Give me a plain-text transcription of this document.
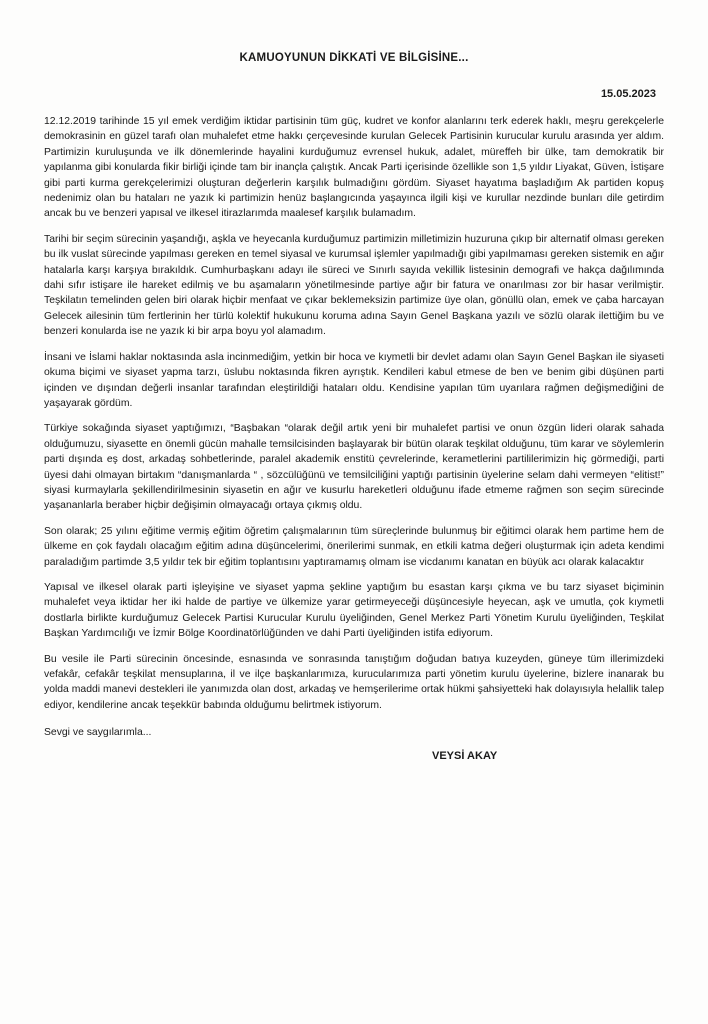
KAMUOYUNUN DİKKATİ VE BİLGİSİNE...
15.05.2023

12.12.2019 tarihinde 15 yıl emek verdiğim iktidar partisinin tüm güç, kudret ve konfor alanlarını terk ederek haklı, meşru gerekçelerle demokrasinin en güzel tarafı olan muhalefet etme hakkı çerçevesinde kurulan Gelecek Partisinin kurucular kurulu arasında yer aldım. Partimizin kuruluşunda ve ilk dönemlerinde hayalini kurduğumuz evrensel hukuk, adalet, müreffeh bir ülke, tam demokratik bir yapılanma gibi konularda fikir birliği içinde tam bir inançla çalıştık. Ancak Parti içerisinde özellikle son 1,5 yıldır Liyakat, Güven, İstişare gibi parti kurma gerekçelerimizi oluşturan değerlerin karşılık bulmadığını gördüm. Siyaset hayatıma başladığım Ak partiden kopuş nedenimiz olan bu hataları ne yazık ki partimizin henüz başlangıcında yaşayınca ilgili kişi ve kurullar nezdinde bunları dile getirdim ancak bu ve benzeri yapısal ve ilkesel itirazlarımda maalesef karşılık bulamadım.

Tarihi bir seçim sürecinin yaşandığı, aşkla ve heyecanla kurduğumuz partimizin milletimizin huzuruna çıkıp bir alternatif olması gereken bu ilk vuslat sürecinde yapılması gereken en temel siyasal ve kurumsal işlemler yapılmadığı gibi yapılmaması gereken sistemik en ağır hatalarla karşı karşıya bırakıldık. Cumhurbaşkanı adayı ile süreci ve Sınırlı sayıda vekillik listesinin demografi ve hakça dağılımında dahi sıfır istişare ile hareket edilmiş ve bu aşamaların yönetilmesinde partiye ağır bir fatura ve onarılması zor bir hasar verilmiştir. Teşkilatın temelinden gelen biri olarak hiçbir menfaat ve çıkar beklemeksizin partimize üye olan, gönüllü olan, emek ve çaba harcayan Gelecek ailesinin tüm fertlerinin her türlü kolektif hukukunu koruma adına Sayın Genel Başkana yazılı ve sözlü olarak ilettiğim bu ve benzeri konularda ise ne yazık ki bir arpa boyu yol alamadım.

İnsani ve İslami haklar noktasında asla incinmediğim, yetkin bir hoca ve kıymetli bir devlet adamı olan Sayın Genel Başkan ile siyaseti okuma biçimi ve siyaset yapma tarzı, üslubu noktasında fikren ayrıştık. Kendileri kabul etmese de ben ve benim gibi düşünen parti içinden ve dışından değerli insanlar tarafından eleştirildiği hataları oldu. Kendisine yapılan tüm uyarılara rağmen değişmediğini de yaşayarak gördüm.

Türkiye sokağında siyaset yaptığımızı, “Başbakan “olarak değil artık yeni bir muhalefet partisi ve onun özgün lideri olarak sahada olduğumuzu, siyasette en önemli gücün mahalle temsilcisinden başlayarak bir bütün olarak teşkilat olduğunu, tüm karar ve söylemlerin parti dışında eş dost, arkadaş sohbetlerinde, paralel akademik enstitü çevrelerinde, kerametlerini partililerimizin hiç görmediği, parti üyesi dahi olmayan birtakım “danışmanlarda “ , sözcülüğünü ve temsilciliğini yaptığı partisinin üyelerine selam dahi vermeyen “elitist!” siyasi kurmaylarla şekillendirilmesinin siyasetin en ağır ve kusurlu hareketleri olduğunu ifade etmeme rağmen son seçim sürecinde yaşananlarla beraber hiçbir değişimin olmayacağı ortaya çıkmış oldu.

Son olarak; 25 yılını eğitime vermiş eğitim öğretim çalışmalarının tüm süreçlerinde bulunmuş bir eğitimci olarak hem partime hem de ülkeme en çok faydalı olacağım eğitim adına düşüncelerimi, önerilerimi sunmak, en etkili katma değeri oluşturmak için adeta kendimi paraladığım partimde 3,5 yıldır tek bir eğitim toplantısını yaptıramamış olmam ise vicdanımı kanatan en büyük acı olarak kalacaktır

Yapısal ve ilkesel olarak parti işleyişine ve siyaset yapma şekline yaptığım bu esastan karşı çıkma ve bu tarz siyaset biçiminin muhalefet veya iktidar her iki halde de partiye ve ülkemize yarar getirmeyeceği düşüncesiyle heyecan, aşk ve umutla, çok kıymetli dostlarla birlikte kurduğumuz Gelecek Partisi Kurucular Kurulu üyeliğinden, Genel Merkez Parti Yönetim Kurulu üyeliğinden, Teşkilat Başkan Yardımcılığı ve İzmir Bölge Koordinatörlüğünden ve dahi Parti üyeliğinden istifa ediyorum.

Bu vesile ile Parti sürecinin öncesinde, esnasında ve sonrasında tanıştığım doğudan batıya kuzeyden, güneye tüm illerimizdeki vefakâr, cefakâr teşkilat mensuplarına, il ve ilçe başkanlarımıza, kurucularımıza parti yönetim kurulu üyelerine, bizlere inanarak bu yolda maddi manevi destekleri ile yanımızda olan dost, arkadaş ve hemşerilerime ortak hükmi şahsiyetteki hak dolayısıyla helallik talep ediyor, kendilerine ancak teşekkür babında olduğumu belirtmek istiyorum.

Sevgi ve saygılarımla...
VEYSİ AKAY
